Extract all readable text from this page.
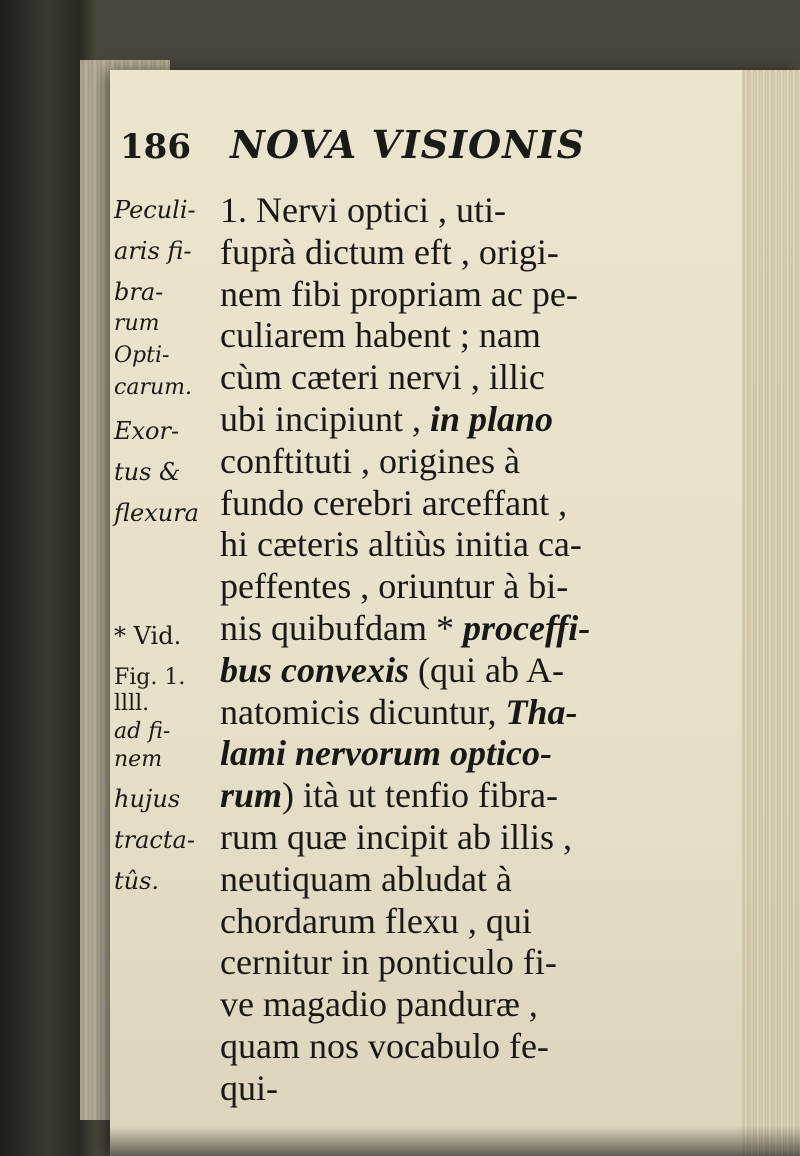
186 NOVA VISIONIS
Peculi-
aris fi-
bra-
rum
Opti-
carum.
Exor-
tus &
flexura
* Vid.
Fig. 1.
llll.
ad fi-
nem
hujus
tracta-
tûs.
1. Nervi optici , uti-
fuprà dictum eft , origi-
nem fibi propriam ac pe-
culiarem habent ; nam
cùm cæteri nervi , illic
ubi incipiunt , in plano
conftituti , origines à
fundo cerebri arceffant ,
hi cæteris altiùs initia ca-
peffentes , oriuntur à bi-
nis quibufdam * proceffi-
bus convexis (qui ab A-
natomicis dicuntur, Tha-
lami nervorum optico-
rum) ità ut tenfio fibra-
rum quæ incipit ab illis ,
neutiquam abludat à
chordarum flexu , qui
cernitur in ponticulo fi-
ve magadio panduræ ,
quam nos vocabulo fe-
qui-
